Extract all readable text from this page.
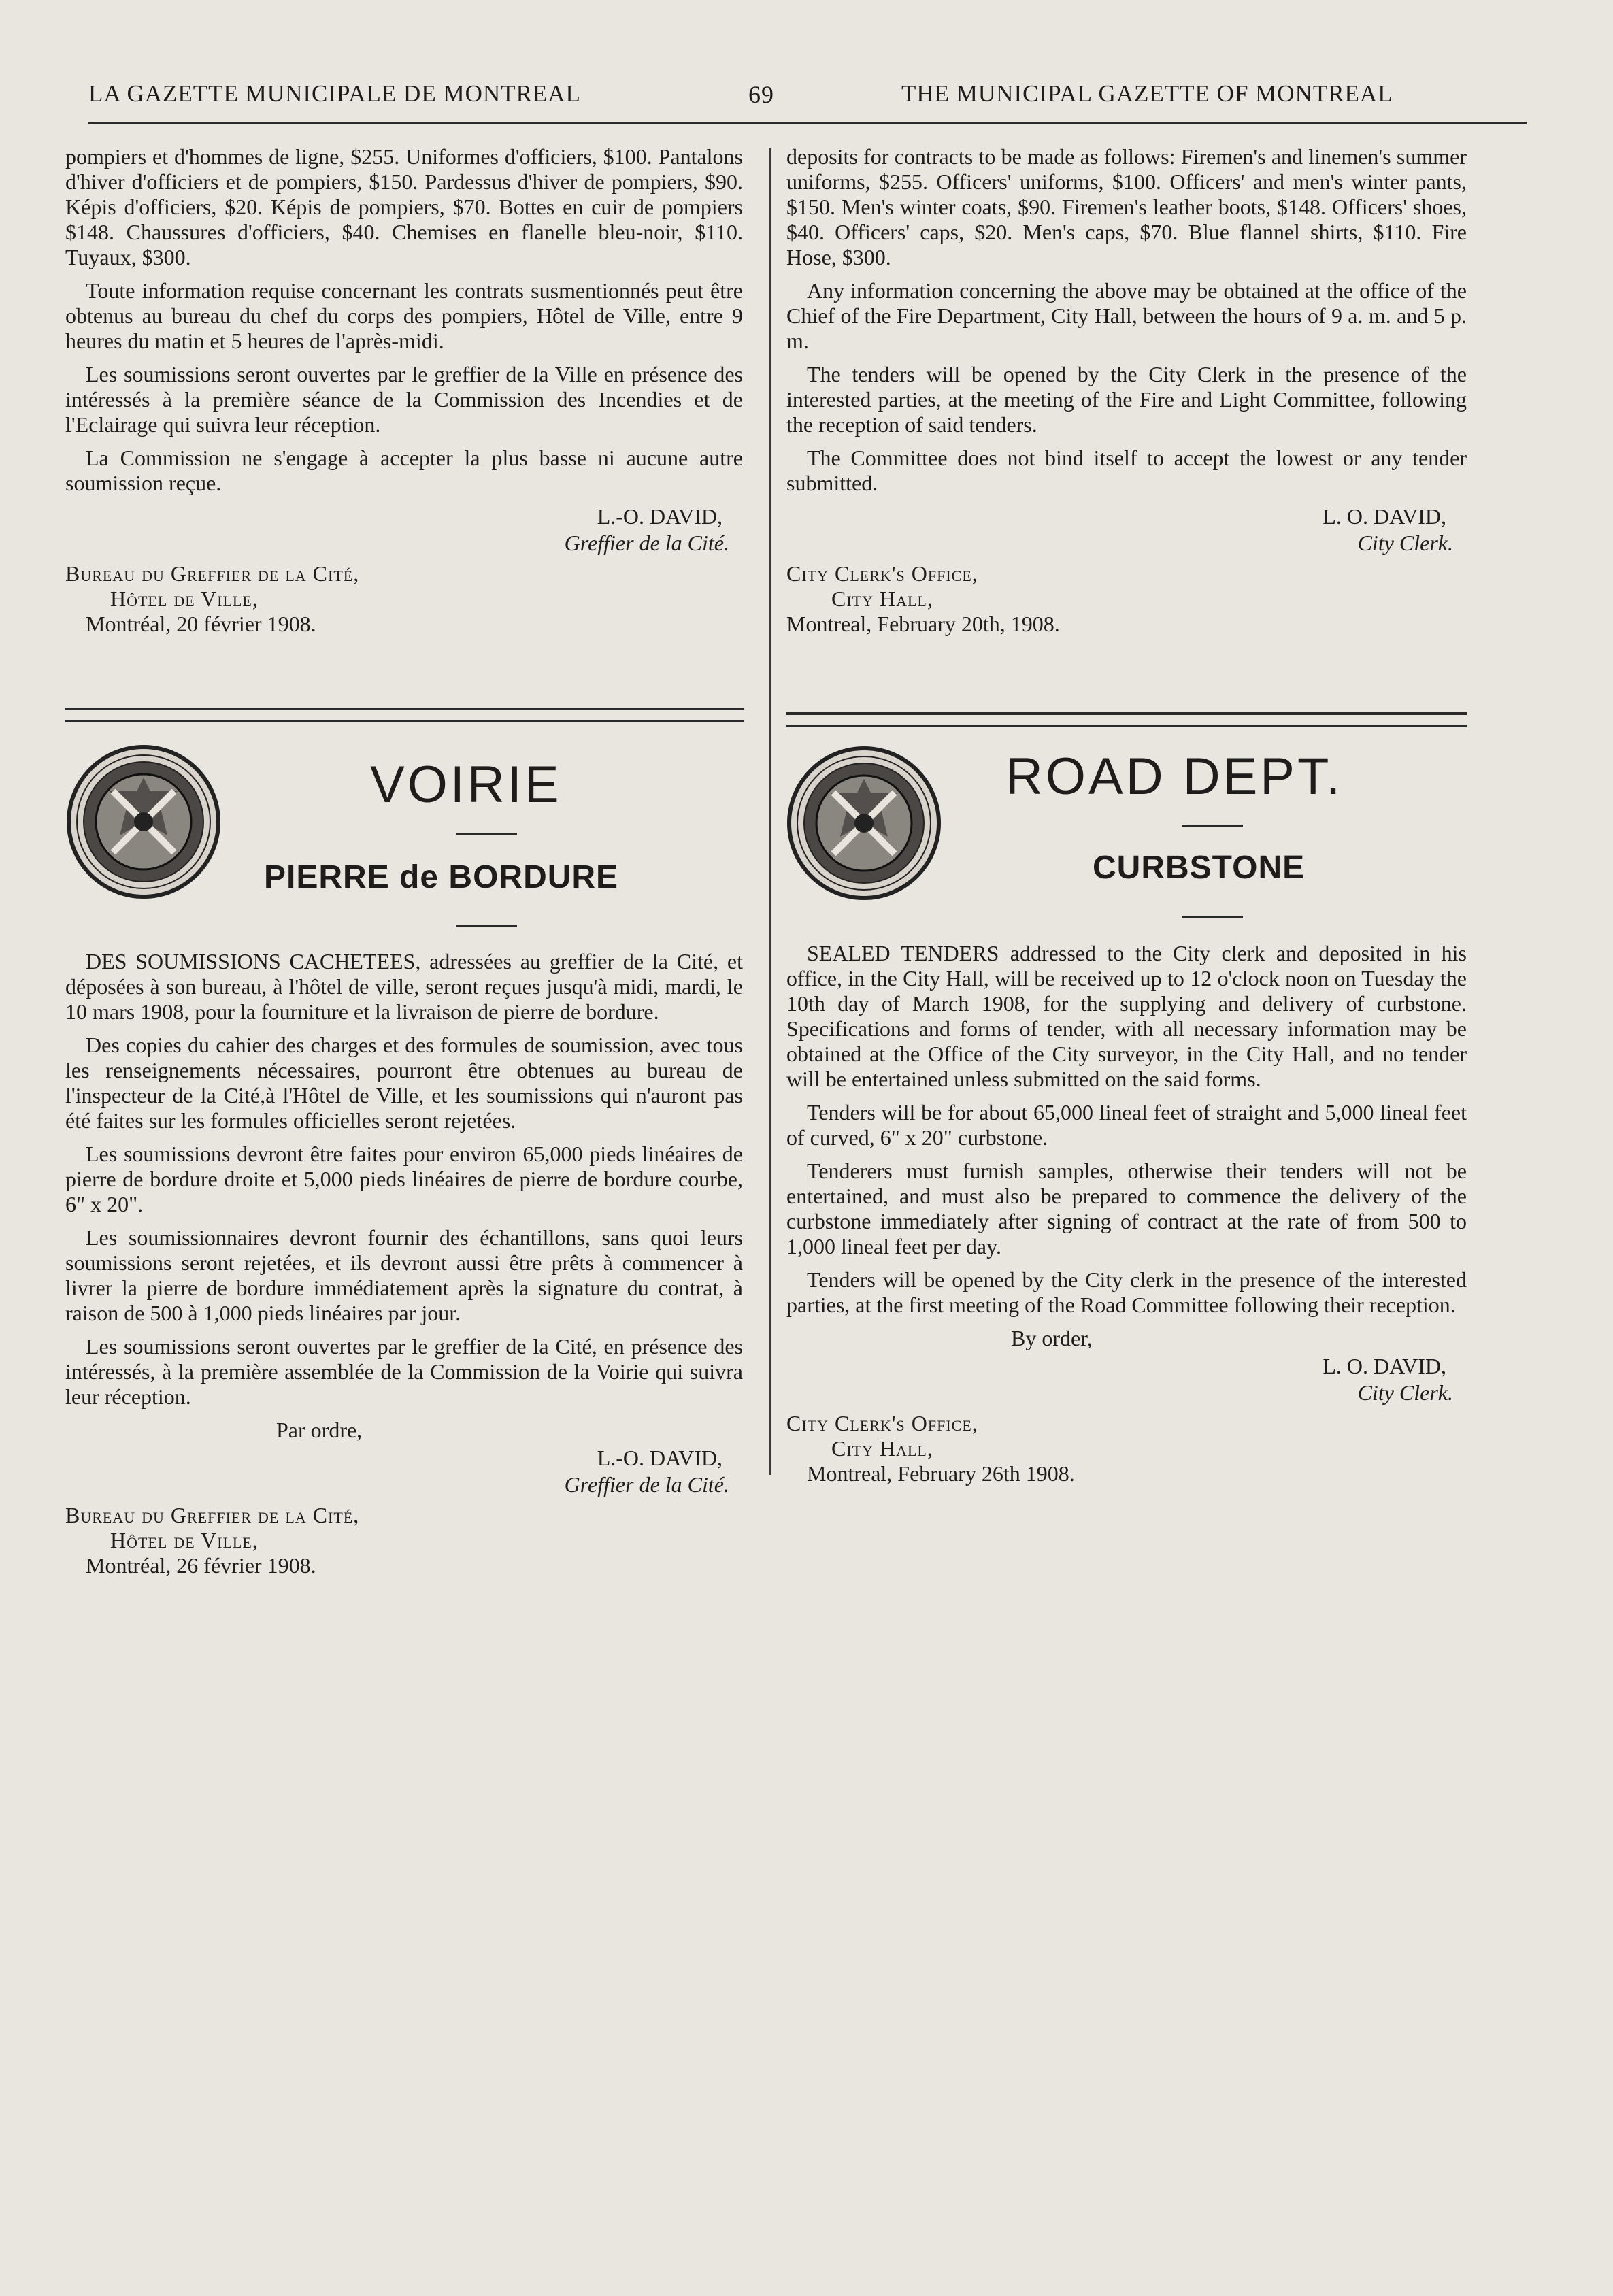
LA GAZETTE MUNICIPALE DE MONTREAL	69	THE MUNICIPAL GAZETTE OF MONTREAL

pompiers et d'hommes de ligne, $255. Uniformes d'officiers, $100. Pantalons d'hiver d'officiers et de pompiers, $150. Pardessus d'hiver de pompiers, $90. Képis d'officiers, $20. Képis de pompiers, $70. Bottes en cuir de pompiers $148. Chaussures d'officiers, $40. Chemises en flanelle bleu-noir, $110. Tuyaux, $300.

Toute information requise concernant les contrats susmentionnés peut être obtenus au bureau du chef du corps des pompiers, Hôtel de Ville, entre 9 heures du matin et 5 heures de l'après-midi.

Les soumissions seront ouvertes par le greffier de la Ville en présence des intéressés à la première séance de la Commission des Incendies et de l'Eclairage qui suivra leur réception.

La Commission ne s'engage à accepter la plus basse ni aucune autre soumission reçue.

L.-O. DAVID,
Greffier de la Cité.
Bureau du Greffier de la Cité,
Hôtel de Ville,
Montréal, 20 février 1908.

deposits for contracts to be made as follows: Firemen's and linemen's summer uniforms, $255. Officers' uniforms, $100. Officers' and men's winter pants, $150. Men's winter coats, $90. Firemen's leather boots, $148. Officers' shoes, $40. Officers' caps, $20. Men's caps, $70. Blue flannel shirts, $110. Fire Hose, $300.

Any information concerning the above may be obtained at the office of the Chief of the Fire Department, City Hall, between the hours of 9 a. m. and 5 p. m.

The tenders will be opened by the City Clerk in the presence of the interested parties, at the meeting of the Fire and Light Committee, following the reception of said tenders.

The Committee does not bind itself to accept the lowest or any tender submitted.

L. O. DAVID,
City Clerk.
City Clerk's Office,
City Hall,
Montreal, February 20th, 1908.
VOIRIE	ROAD DEPT.
PIERRE de BORDURE	CURBSTONE

DES SOUMISSIONS CACHETEES, adressées au greffier de la Cité, et déposées à son bureau, à l'hôtel de ville, seront reçues jusqu'à midi, mardi, le 10 mars 1908, pour la fourniture et la livraison de pierre de bordure.

Des copies du cahier des charges et des formules de soumission, avec tous les renseignements nécessaires, pourront être obtenues au bureau de l'inspecteur de la Cité,à l'Hôtel de Ville, et les soumissions qui n'auront pas été faites sur les formules officielles seront rejetées.

Les soumissions devront être faites pour environ 65,000 pieds linéaires de pierre de bordure droite et 5,000 pieds linéaires de pierre de bordure courbe, 6" x 20".

Les soumissionnaires devront fournir des échantillons, sans quoi leurs soumissions seront rejetées, et ils devront aussi être prêts à commencer à livrer la pierre de bordure immédiatement après la signature du contrat, à raison de 500 à 1,000 pieds linéaires par jour.

Les soumissions seront ouvertes par le greffier de la Cité, en présence des intéressés, à la première assemblée de la Commission de la Voirie qui suivra leur réception.

Par ordre,
L.-O. DAVID,
Greffier de la Cité.
Bureau du Greffier de la Cité,
Hôtel de Ville,
Montréal, 26 février 1908.

SEALED TENDERS addressed to the City clerk and deposited in his office, in the City Hall, will be received up to 12 o'clock noon on Tuesday the 10th day of March 1908, for the supplying and delivery of curbstone. Specifications and forms of tender, with all necessary information may be obtained at the Office of the City surveyor, in the City Hall, and no tender will be entertained unless submitted on the said forms.

Tenders will be for about 65,000 lineal feet of straight and 5,000 lineal feet of curved, 6" x 20" curbstone.

Tenderers must furnish samples, otherwise their tenders will not be entertained, and must also be prepared to commence the delivery of the curbstone immediately after signing of contract at the rate of from 500 to 1,000 lineal feet per day.

Tenders will be opened by the City clerk in the presence of the interested parties, at the first meeting of the Road Committee following their reception.

By order,
L. O. DAVID,
City Clerk.
City Clerk's Office,
City Hall,
Montreal, February 26th 1908.
